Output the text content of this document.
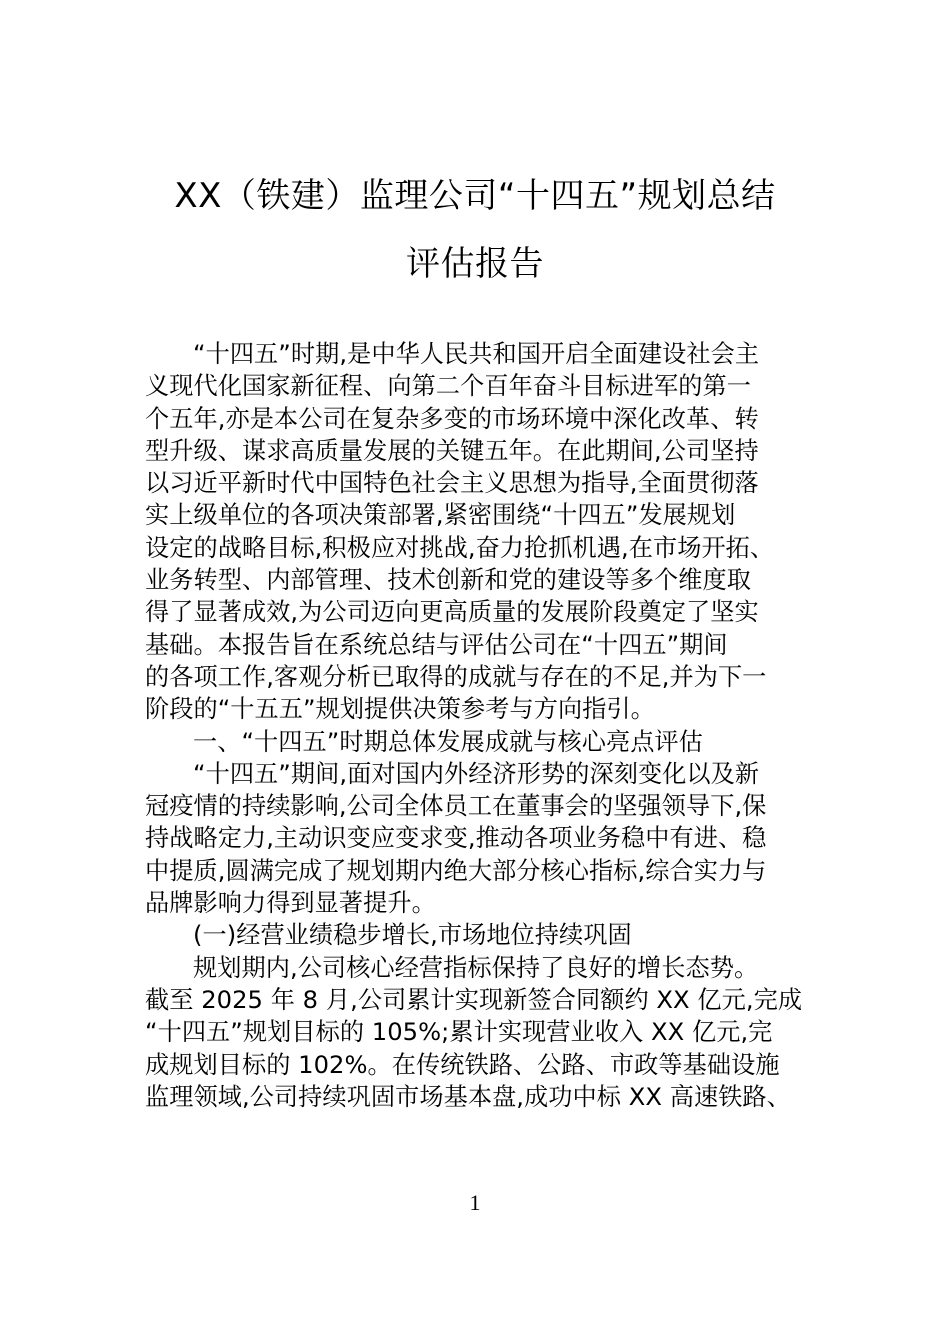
XX（铁建）监理公司“十四五”规划总结
评估报告
“十四五”时期,是中华人民共和国开启全面建设社会主
义现代化国家新征程、向第二个百年奋斗目标进军的第一
个五年,亦是本公司在复杂多变的市场环境中深化改革、转
型升级、谋求高质量发展的关键五年。在此期间,公司坚持
以习近平新时代中国特色社会主义思想为指导,全面贯彻落
实上级单位的各项决策部署,紧密围绕“十四五”发展规划
设定的战略目标,积极应对挑战,奋力抢抓机遇,在市场开拓、
业务转型、内部管理、技术创新和党的建设等多个维度取
得了显著成效,为公司迈向更高质量的发展阶段奠定了坚实
基础。本报告旨在系统总结与评估公司在“十四五”期间
的各项工作,客观分析已取得的成就与存在的不足,并为下一
阶段的“十五五”规划提供决策参考与方向指引。
一、“十四五”时期总体发展成就与核心亮点评估
“十四五”期间,面对国内外经济形势的深刻变化以及新
冠疫情的持续影响,公司全体员工在董事会的坚强领导下,保
持战略定力,主动识变应变求变,推动各项业务稳中有进、稳
中提质,圆满完成了规划期内绝大部分核心指标,综合实力与
品牌影响力得到显著提升。
(一)经营业绩稳步增长,市场地位持续巩固
规划期内,公司核心经营指标保持了良好的增长态势。
截至 2025 年 8 月,公司累计实现新签合同额约 XX 亿元,完成
“十四五”规划目标的 105%;累计实现营业收入 XX 亿元,完
成规划目标的 102%。在传统铁路、公路、市政等基础设施
监理领域,公司持续巩固市场基本盘,成功中标 XX 高速铁路、
1
